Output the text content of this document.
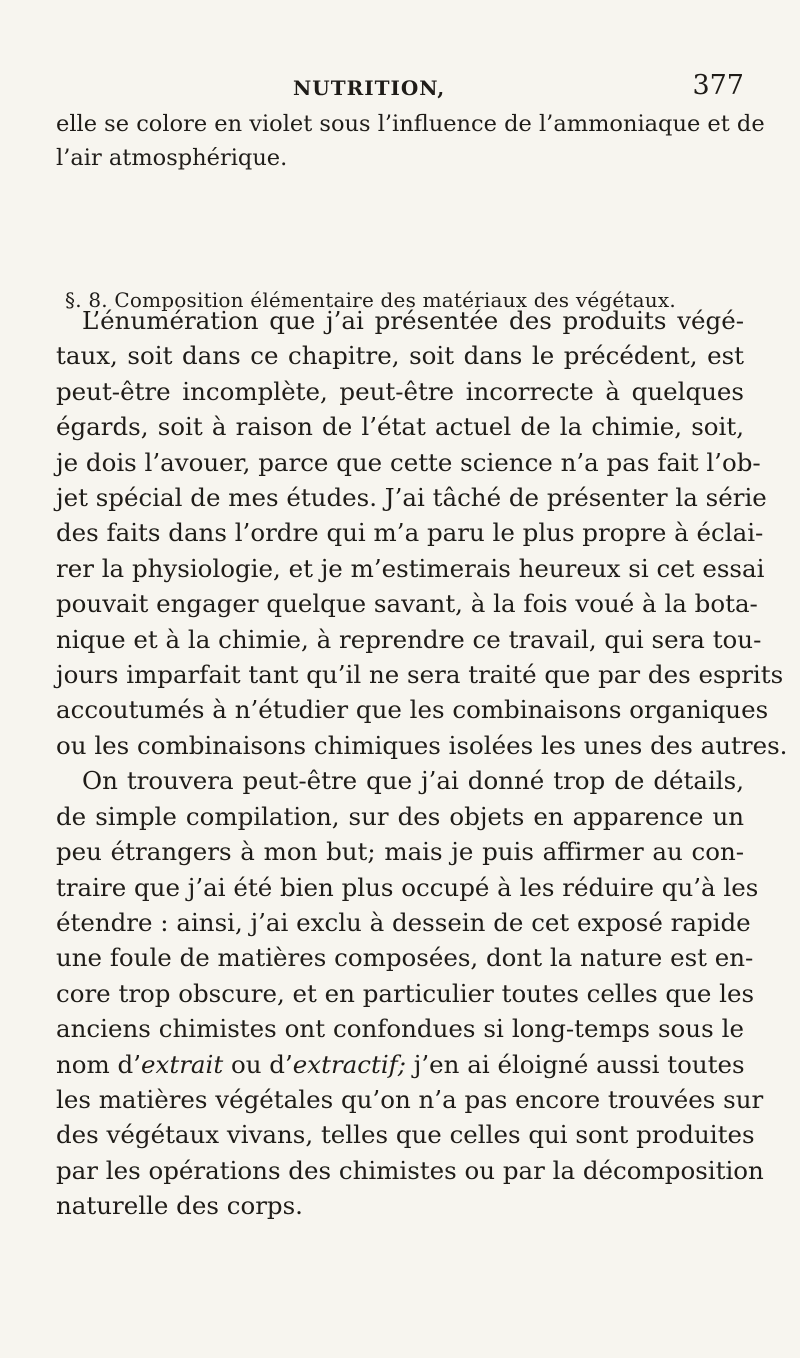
NUTRITION,	377
elle se colore en violet sous l’influence de l’ammoniaque et de
l’air atmosphérique.
§. 8. Composition élémentaire des matériaux des végétaux.
L’énumération que j’ai présentée des produits végé-
taux, soit dans ce chapitre, soit dans le précédent, est
peut-être incomplète, peut-être incorrecte à quelques
égards, soit à raison de l’état actuel de la chimie, soit,
je dois l’avouer, parce que cette science n’a pas fait l’ob-
jet spécial de mes études. J’ai tâché de présenter la série
des faits dans l’ordre qui m’a paru le plus propre à éclai-
rer la physiologie, et je m’estimerais heureux si cet essai
pouvait engager quelque savant, à la fois voué à la bota-
nique et à la chimie, à reprendre ce travail, qui sera tou-
jours imparfait tant qu’il ne sera traité que par des esprits
accoutumés à n’étudier que les combinaisons organiques
ou les combinaisons chimiques isolées les unes des autres.
On trouvera peut-être que j’ai donné trop de détails,
de simple compilation, sur des objets en apparence un
peu étrangers à mon but; mais je puis affirmer au con-
traire que j’ai été bien plus occupé à les réduire qu’à les
étendre : ainsi, j’ai exclu à dessein de cet exposé rapide
une foule de matières composées, dont la nature est en-
core trop obscure, et en particulier toutes celles que les
anciens chimistes ont confondues si long-temps sous le
nom d’extrait ou d’extractif; j’en ai éloigné aussi toutes
les matières végétales qu’on n’a pas encore trouvées sur
des végétaux vivans, telles que celles qui sont produites
par les opérations des chimistes ou par la décomposition
naturelle des corps.
